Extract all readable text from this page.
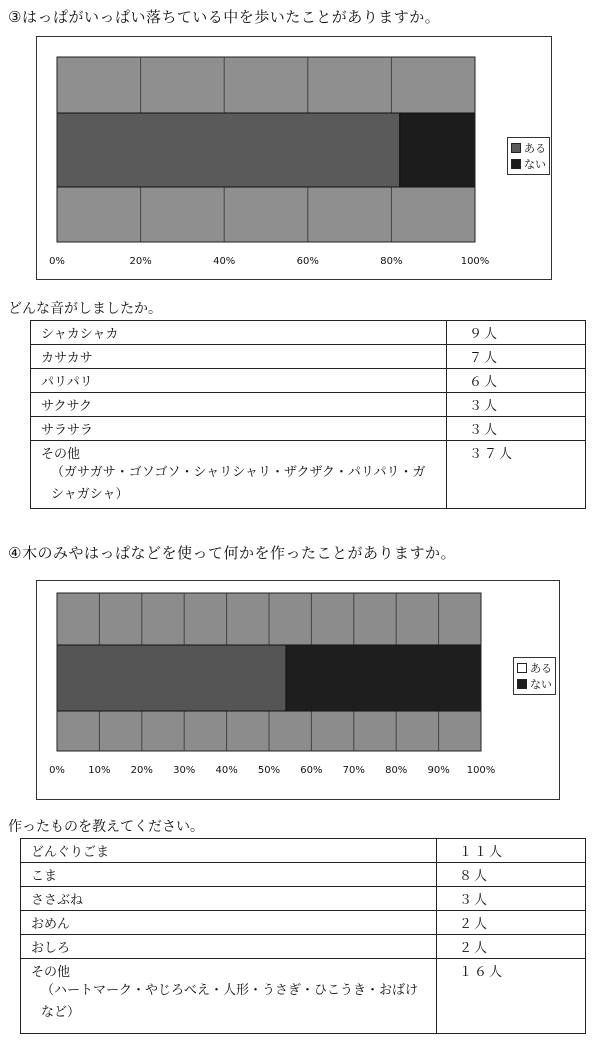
③はっぱがいっぱい落ちている中を歩いたことがありますか。
0%	20%	40%	60%	80%	100%
ある
ない
どんな音がしましたか。
シャカシャカ	９人
カサカサ	７人
パリパリ	６人
サクサク	３人
サラサラ	３人
その他
（ガサガサ・ゴソゴソ・シャリシャリ・ザクザク・パリパリ・ガシャガシャ）	３７人
④木のみやはっぱなどを使って何かを作ったことがありますか。
0% 10% 20% 30% 40% 50% 60% 70% 80% 90% 100%
ある
ない
作ったものを教えてください。
どんぐりごま	１１人
こま	８人
ささぶね	３人
おめん	２人
おしろ	２人
その他
（ハートマーク・やじろべえ・人形・うさぎ・ひこうき・おばけなど）	１６人
